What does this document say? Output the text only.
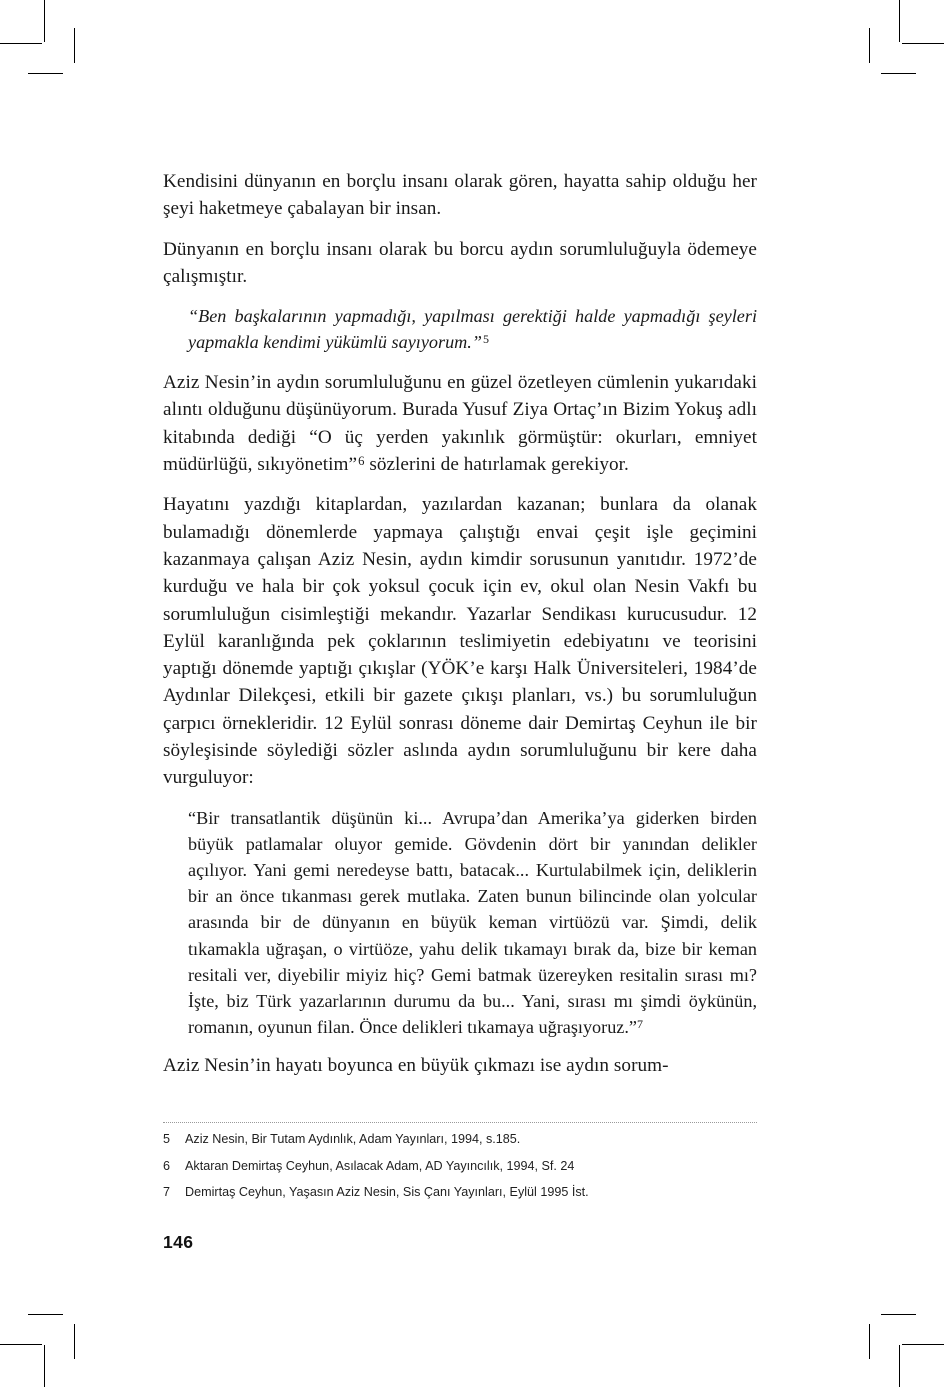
Kendisini dünyanın en borçlu insanı olarak gören, hayatta sahip olduğu her şeyi haketmeye çabalayan bir insan.

Dünyanın en borçlu insanı olarak bu borcu aydın sorumluluğuyla ödemeye çalışmıştır.

“Ben başkalarının yapmadığı, yapılması gerektiği halde yapmadığı şeyleri yapmakla kendimi yükümlü sayıyorum.”$^5$

Aziz Nesin’in aydın sorumluluğunu en güzel özetleyen cümlenin yukarıdaki alıntı olduğunu düşünüyorum. Burada Yusuf Ziya Ortaç’ın Bizim Yokuş adlı kitabında dediği “O üç yerden yakınlık görmüştür: okurları, emniyet müdürlüğü, sıkıyönetim”$^6$ sözlerini de hatırlamak gerekiyor.

Hayatını yazdığı kitaplardan, yazılardan kazanan; bunlara da olanak bulamadığı dönemlerde yapmaya çalıştığı envai çeşit işle geçimini kazanmaya çalışan Aziz Nesin, aydın kimdir sorusunun yanıtıdır. 1972’de kurduğu ve hala bir çok yoksul çocuk için ev, okul olan Nesin Vakfı bu sorumluluğun cisimleştiği mekandır. Yazarlar Sendikası kurucusudur. 12 Eylül karanlığında pek çoklarının teslimiyetin edebiyatını ve teorisini yaptığı dönemde yaptığı çıkışlar (YÖK’e karşı Halk Üniversiteleri, 1984’de Aydınlar Dilekçesi, etkili bir gazete çıkışı planları, vs.) bu sorumluluğun çarpıcı örnekleridir. 12 Eylül sonrası döneme dair Demirtaş Ceyhun ile bir söyleşisinde söylediği sözler aslında aydın sorumluluğunu bir kere daha vurguluyor:

“Bir transatlantik düşünün ki... Avrupa’dan Amerika’ya giderken birden büyük patlamalar oluyor gemide. Gövdenin dört bir yanından delikler açılıyor. Yani gemi neredeyse battı, batacak... Kurtulabilmek için, deliklerin bir an önce tıkanması gerek mutlaka. Zaten bunun bilincinde olan yolcular arasında bir de dünyanın en büyük keman virtüözü var. Şimdi, delik tıkamakla uğraşan, o virtüöze, yahu delik tıkamayı bırak da, bize bir keman resitali ver, diyebilir miyiz hiç? Gemi batmak üzereyken resitalin sırası mı? İşte, biz Türk yazarlarının durumu da bu... Yani, sırası mı şimdi öykünün, romanın, oyunun filan. Önce delikleri tıkamaya uğraşıyoruz.”$^7$

Aziz Nesin’in hayatı boyunca en büyük çıkmazı ise aydın sorum-

5	Aziz Nesin, Bir Tutam Aydınlık, Adam Yayınları, 1994, s.185.
6	Aktaran Demirtaş Ceyhun, Asılacak Adam, AD Yayıncılık, 1994, Sf. 24
7	Demirtaş Ceyhun, Yaşasın Aziz Nesin, Sis Çanı Yayınları, Eylül 1995 İst.
146
